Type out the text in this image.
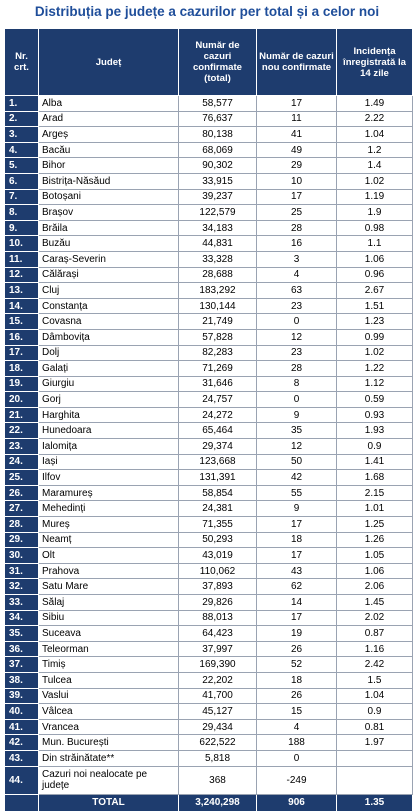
Distribuția pe județe a cazurilor per total și a celor noi
Nr. crt.	Județ	Număr de cazuri confirmate (total)	Număr de cazuri nou confirmate	Incidența înregistrată la 14 zile
1.	Alba	58,577	17	1.49
2.	Arad	76,637	11	2.22
3.	Argeș	80,138	41	1.04
4.	Bacău	68,069	49	1.2
5.	Bihor	90,302	29	1.4
6.	Bistrița-Năsăud	33,915	10	1.02
7.	Botoșani	39,237	17	1.19
8.	Brașov	122,579	25	1.9
9.	Brăila	34,183	28	0.98
10.	Buzău	44,831	16	1.1
11.	Caraș-Severin	33,328	3	1.06
12.	Călărași	28,688	4	0.96
13.	Cluj	183,292	63	2.67
14.	Constanța	130,144	23	1.51
15.	Covasna	21,749	0	1.23
16.	Dâmbovița	57,828	12	0.99
17.	Dolj	82,283	23	1.02
18.	Galați	71,269	28	1.22
19.	Giurgiu	31,646	8	1.12
20.	Gorj	24,757	0	0.59
21.	Harghita	24,272	9	0.93
22.	Hunedoara	65,464	35	1.93
23.	Ialomița	29,374	12	0.9
24.	Iași	123,668	50	1.41
25.	Ilfov	131,391	42	1.68
26.	Maramureș	58,854	55	2.15
27.	Mehedinți	24,381	9	1.01
28.	Mureș	71,355	17	1.25
29.	Neamț	50,293	18	1.26
30.	Olt	43,019	17	1.05
31.	Prahova	110,062	43	1.06
32.	Satu Mare	37,893	62	2.06
33.	Sălaj	29,826	14	1.45
34.	Sibiu	88,013	17	2.02
35.	Suceava	64,423	19	0.87
36.	Teleorman	37,997	26	1.16
37.	Timiș	169,390	52	2.42
38.	Tulcea	22,202	18	1.5
39.	Vaslui	41,700	26	1.04
40.	Vâlcea	45,127	15	0.9
41.	Vrancea	29,434	4	0.81
42.	Mun. București	622,522	188	1.97
43.	Din străinătate**	5,818	0	
44.	Cazuri noi nealocate pe județe	368	-249	
	TOTAL	3,240,298	906	1.35
